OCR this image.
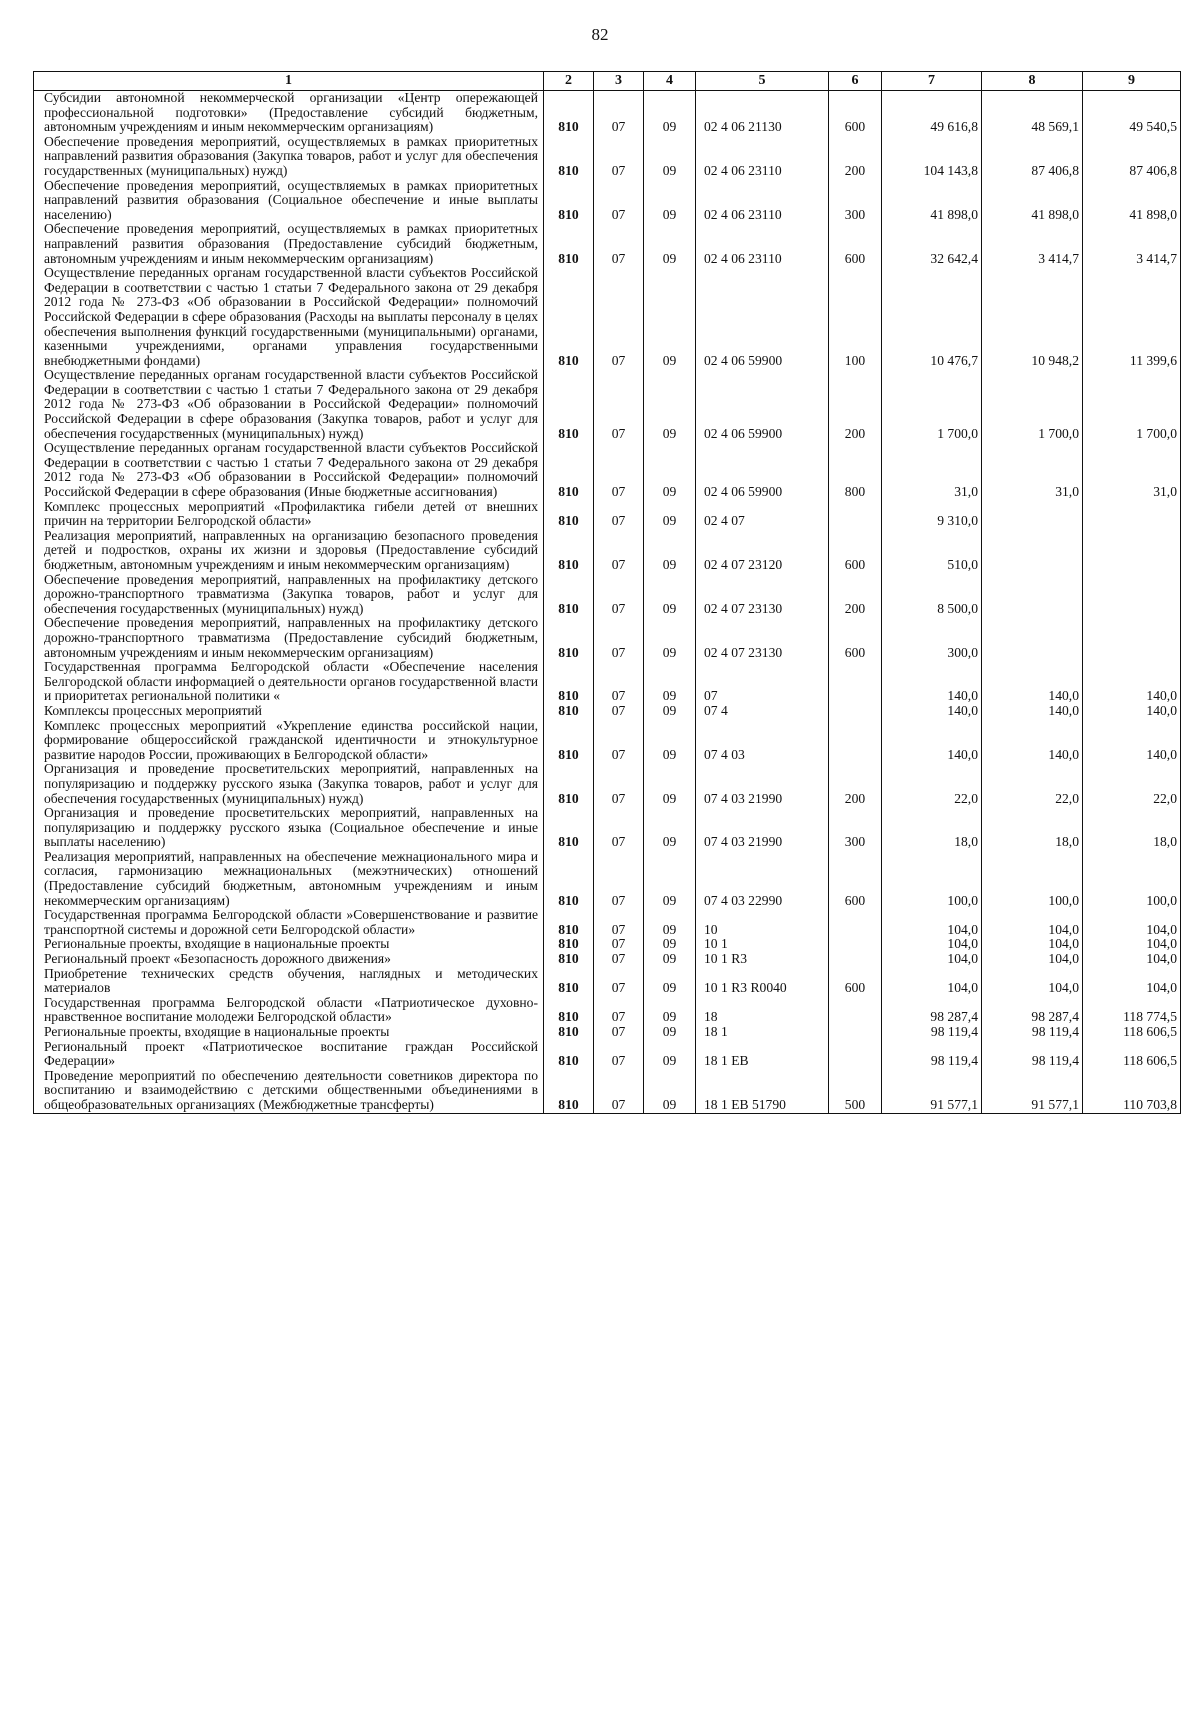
82
1	2	3	4	5	6	7	8	9
Субсидии автономной некоммерческой организации «Центр опережающей профессиональной подготовки» (Предоставление субсидий бюджетным, автономным учреждениям и иным некоммерческим организациям)	810	07	09	02 4 06 21130	600	49 616,8	48 569,1	49 540,5
Обеспечение проведения мероприятий, осуществляемых в рамках приоритетных направлений развития образования (Закупка товаров, работ и услуг для обеспечения государственных (муниципальных) нужд)	810	07	09	02 4 06 23110	200	104 143,8	87 406,8	87 406,8
Обеспечение проведения мероприятий, осуществляемых в рамках приоритетных направлений развития образования (Социальное обеспечение и иные выплаты населению)	810	07	09	02 4 06 23110	300	41 898,0	41 898,0	41 898,0
Обеспечение проведения мероприятий, осуществляемых в рамках приоритетных направлений развития образования (Предоставление субсидий бюджетным, автономным учреждениям и иным некоммерческим организациям)	810	07	09	02 4 06 23110	600	32 642,4	3 414,7	3 414,7
Осуществление переданных органам государственной власти субъектов Российской Федерации в соответствии с частью 1 статьи 7 Федерального закона от 29 декабря 2012 года № 273-ФЗ «Об образовании в Российской Федерации» полномочий Российской Федерации в сфере образования (Расходы на выплаты персоналу в целях обеспечения выполнения функций государственными (муниципальными) органами, казенными учреждениями, органами управления государственными внебюджетными фондами)	810	07	09	02 4 06 59900	100	10 476,7	10 948,2	11 399,6
Осуществление переданных органам государственной власти субъектов Российской Федерации в соответствии с частью 1 статьи 7 Федерального закона от 29 декабря 2012 года № 273-ФЗ «Об образовании в Российской Федерации» полномочий Российской Федерации в сфере образования (Закупка товаров, работ и услуг для обеспечения государственных (муниципальных) нужд)	810	07	09	02 4 06 59900	200	1 700,0	1 700,0	1 700,0
Осуществление переданных органам государственной власти субъектов Российской Федерации в соответствии с частью 1 статьи 7 Федерального закона от 29 декабря 2012 года № 273-ФЗ «Об образовании в Российской Федерации» полномочий Российской Федерации в сфере образования (Иные бюджетные ассигнования)	810	07	09	02 4 06 59900	800	31,0	31,0	31,0
Комплекс процессных мероприятий «Профилактика гибели детей от внешних причин на территории Белгородской области»	810	07	09	02 4 07		9 310,0		
Реализация мероприятий, направленных на организацию безопасного проведения детей и подростков, охраны их жизни и здоровья (Предоставление субсидий бюджетным, автономным учреждениям и иным некоммерческим организациям)	810	07	09	02 4 07 23120	600	510,0		
Обеспечение проведения мероприятий, направленных на профилактику детского дорожно-транспортного травматизма (Закупка товаров, работ и услуг для обеспечения государственных (муниципальных) нужд)	810	07	09	02 4 07 23130	200	8 500,0		
Обеспечение проведения мероприятий, направленных на профилактику детского дорожно-транспортного травматизма (Предоставление субсидий бюджетным, автономным учреждениям и иным некоммерческим организациям)	810	07	09	02 4 07 23130	600	300,0		
Государственная программа Белгородской области «Обеспечение населения Белгородской области информацией о деятельности органов государственной власти и приоритетах региональной политики «	810	07	09	07		140,0	140,0	140,0
Комплексы процессных мероприятий	810	07	09	07 4		140,0	140,0	140,0
Комплекс процессных мероприятий «Укрепление единства российской нации, формирование общероссийской гражданской идентичности и этнокультурное развитие народов России, проживающих в Белгородской области»	810	07	09	07 4 03		140,0	140,0	140,0
Организация и проведение просветительских мероприятий, направленных на популяризацию и поддержку русского языка (Закупка товаров, работ и услуг для обеспечения государственных (муниципальных) нужд)	810	07	09	07 4 03 21990	200	22,0	22,0	22,0
Организация и проведение просветительских мероприятий, направленных на популяризацию и поддержку русского языка (Социальное обеспечение и иные выплаты населению)	810	07	09	07 4 03 21990	300	18,0	18,0	18,0
Реализация мероприятий, направленных на обеспечение межнационального мира и согласия, гармонизацию межнациональных (межэтнических) отношений (Предоставление субсидий бюджетным, автономным учреждениям и иным некоммерческим организациям)	810	07	09	07 4 03 22990	600	100,0	100,0	100,0
Государственная программа Белгородской области »Совершенствование и развитие транспортной системы и дорожной сети Белгородской области»	810	07	09	10		104,0	104,0	104,0
Региональные проекты, входящие в национальные проекты	810	07	09	10 1		104,0	104,0	104,0
Региональный проект «Безопасность дорожного движения»	810	07	09	10 1 R3		104,0	104,0	104,0
Приобретение технических средств обучения, наглядных и методических материалов	810	07	09	10 1 R3 R0040	600	104,0	104,0	104,0
Государственная программа Белгородской области «Патриотическое духовно-нравственное воспитание молодежи Белгородской области»	810	07	09	18		98 287,4	98 287,4	118 774,5
Региональные проекты, входящие в национальные проекты	810	07	09	18 1		98 119,4	98 119,4	118 606,5
Региональный проект «Патриотическое воспитание граждан Российской Федерации»	810	07	09	18 1 EB		98 119,4	98 119,4	118 606,5
Проведение мероприятий по обеспечению деятельности советников директора по воспитанию и взаимодействию с детскими общественными объединениями в общеобразовательных организациях (Межбюджетные трансферты)	810	07	09	18 1 EB 51790	500	91 577,1	91 577,1	110 703,8
